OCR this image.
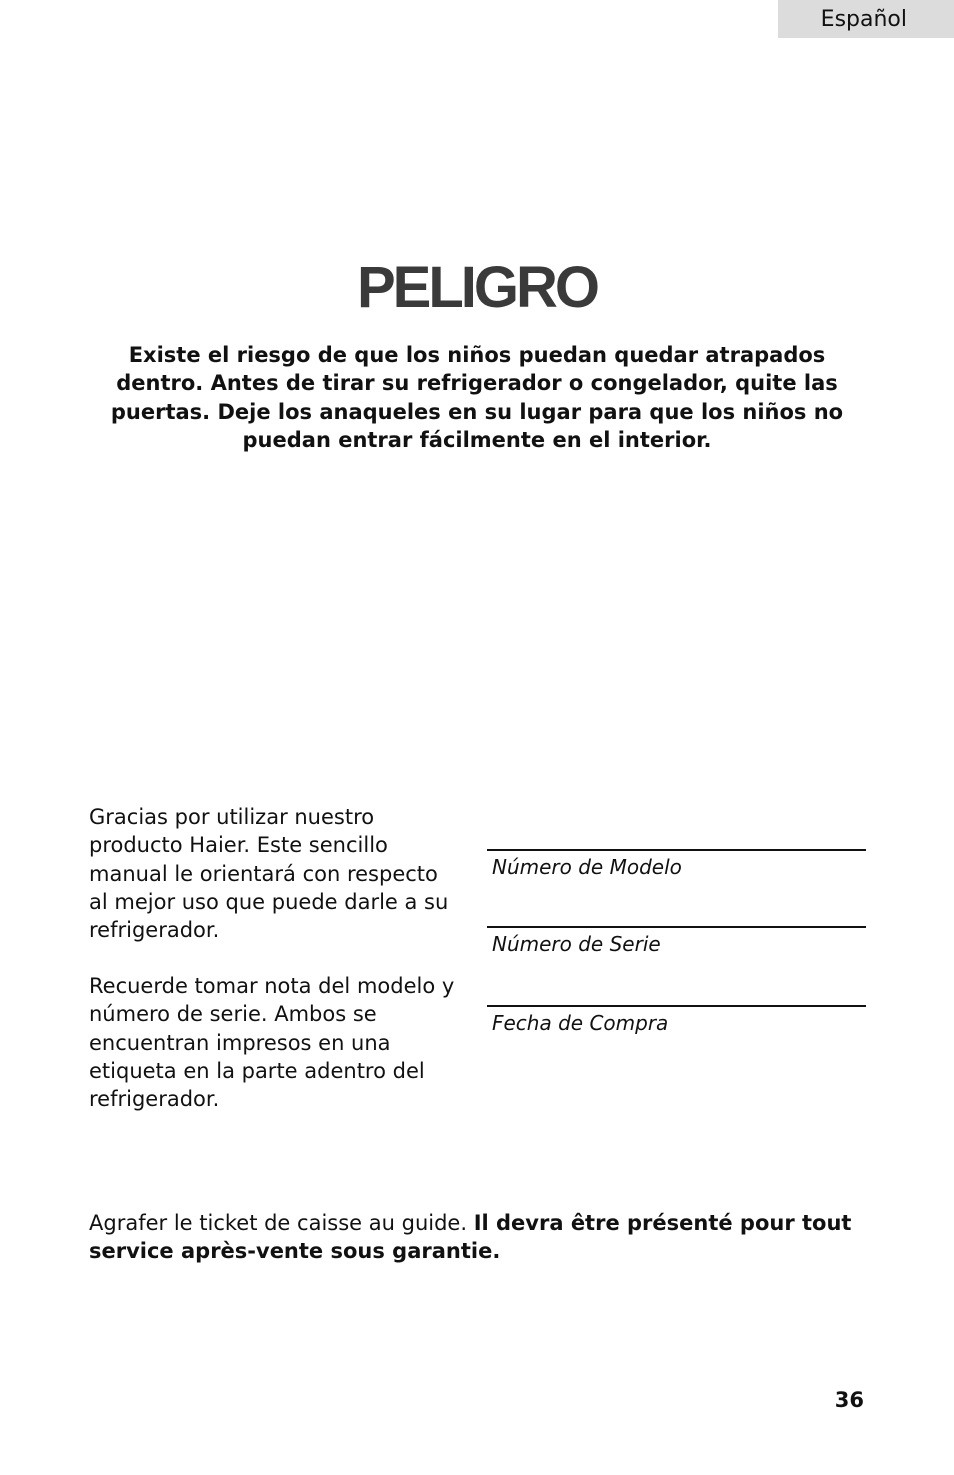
Español
PELIGRO
Existe el riesgo de que los niños puedan quedar atrapados dentro. Antes de tirar su refrigerador o congelador, quite las puertas. Deje los anaqueles en su lugar para que los niños no puedan entrar fácilmente en el interior.

Gracias por utilizar nuestro producto Haier. Este sencillo manual le orientará con respecto al mejor uso que puede darle a su refrigerador.

Recuerde tomar nota del modelo y número de serie. Ambos se encuentran impresos en una etiqueta en la parte adentro del refrigerador.

Número de Modelo
Número de Serie
Fecha de Compra
Agrafer le ticket de caisse au guide. Il devra être présenté pour tout service après-vente sous garantie.
36
